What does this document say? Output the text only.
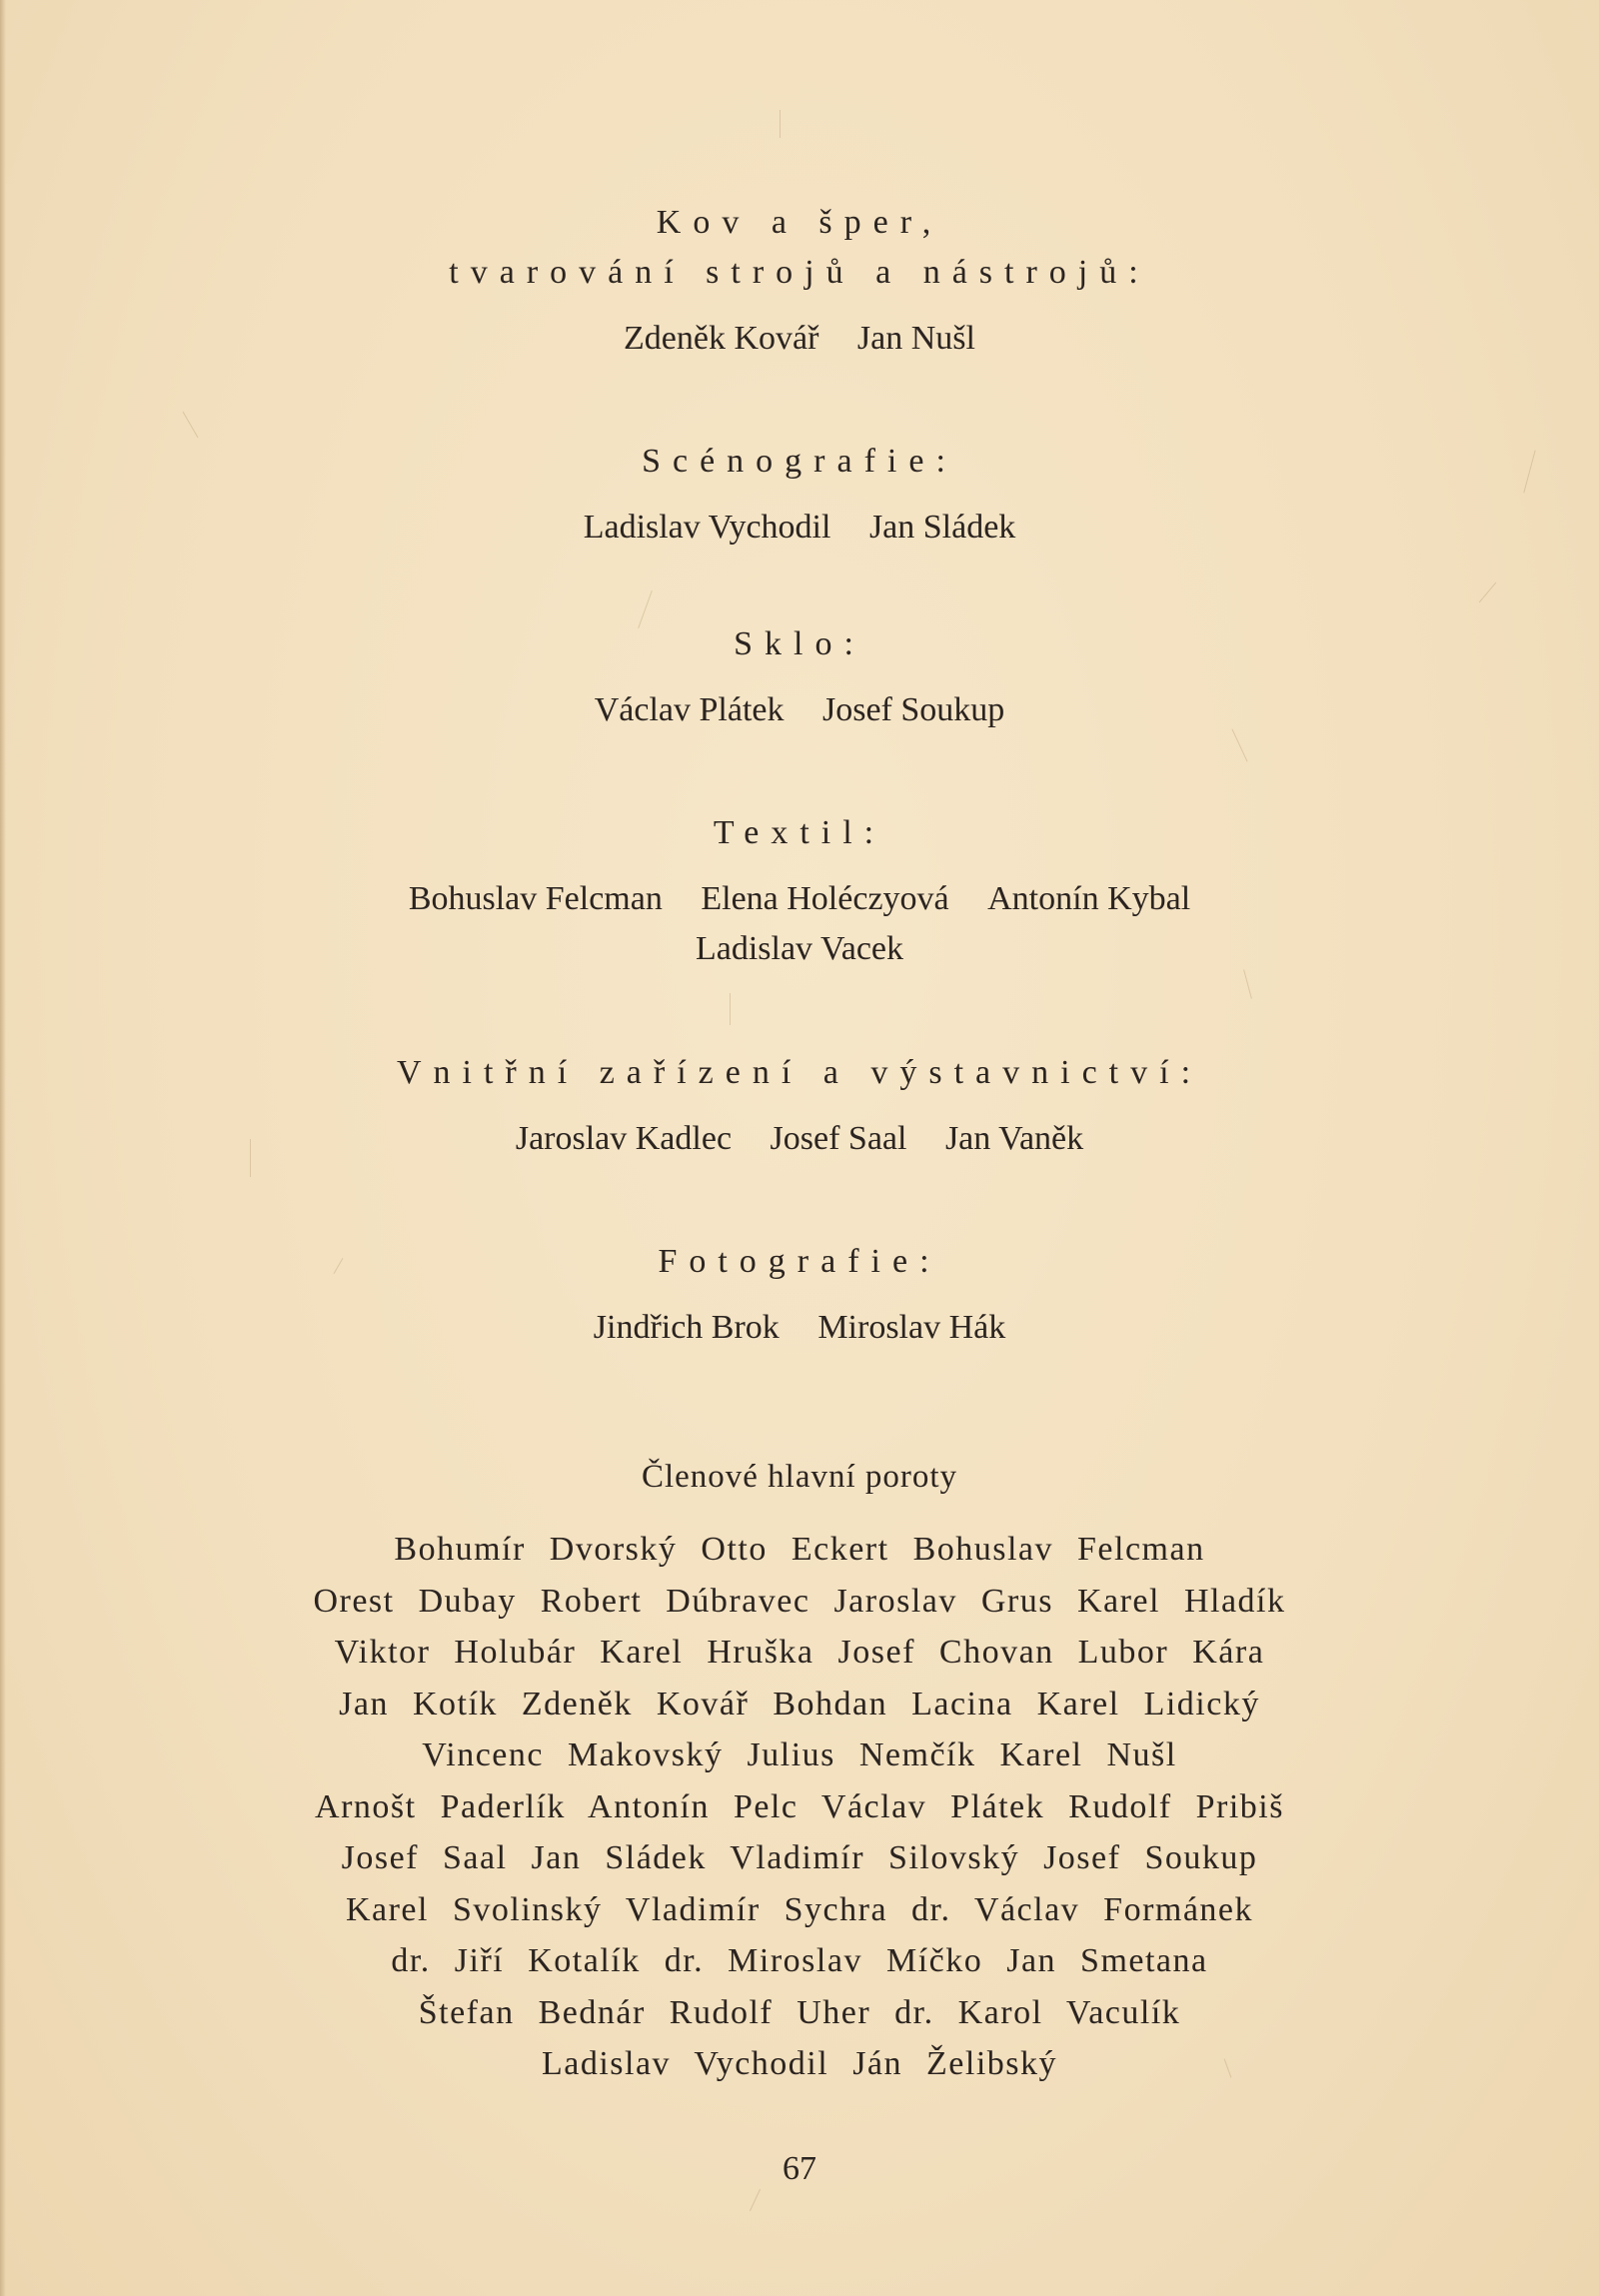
Kov a šper,
tvarování strojů a nástrojů:
Zdeněk Kovář Jan Nušl
Scénografie:
Ladislav Vychodil Jan Sládek
Sklo:
Václav Plátek Josef Soukup
Textil:
Bohuslav Felcman Elena Holéczyová Antonín Kybal
Ladislav Vacek
Vnitřní zařízení a výstavnictví:
Jaroslav Kadlec Josef Saal Jan Vaněk
Fotografie:
Jindřich Brok Miroslav Hák
Členové hlavní poroty
Bohumír Dvorský Otto Eckert Bohuslav Felcman
Orest Dubay Robert Dúbravec Jaroslav Grus Karel Hladík
Viktor Holubár Karel Hruška Josef Chovan Lubor Kára
Jan Kotík Zdeněk Kovář Bohdan Lacina Karel Lidický
Vincenc Makovský Julius Nemčík Karel Nušl
Arnošt Paderlík Antonín Pelc Václav Plátek Rudolf Pribiš
Josef Saal Jan Sládek Vladimír Silovský Josef Soukup
Karel Svolinský Vladimír Sychra dr. Václav Formánek
dr. Jiří Kotalík dr. Miroslav Míčko Jan Smetana
Štefan Bednár Rudolf Uher dr. Karol Vaculík
Ladislav Vychodil Ján Želibský
67
